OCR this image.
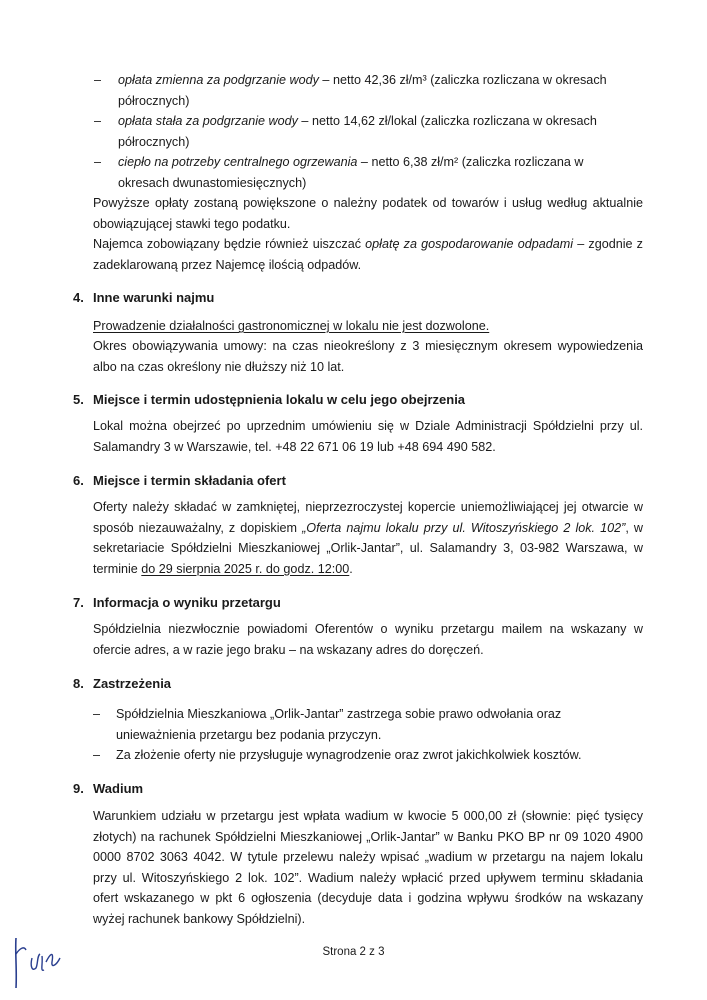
– opłata zmienna za podgrzanie wody – netto 42,36 zł/m³ (zaliczka rozliczana w okresach
półrocznych)
– opłata stała za podgrzanie wody – netto 14,62 zł/lokal (zaliczka rozliczana w okresach
półrocznych)
– ciepło na potrzeby centralnego ogrzewania – netto 6,38 zł/m² (zaliczka rozliczana w
okresach dwunastomiesięcznych)
Powyższe opłaty zostaną powiększone o należny podatek od towarów i usług według aktualnie obowiązującej stawki tego podatku.
Najemca zobowiązany będzie również uiszczać opłatę za gospodarowanie odpadami – zgodnie z zadeklarowaną przez Najemcę ilością odpadów.
4. Inne warunki najmu
Prowadzenie działalności gastronomicznej w lokalu nie jest dozwolone.
Okres obowiązywania umowy: na czas nieokreślony z 3 miesięcznym okresem wypowiedzenia albo na czas określony nie dłuższy niż 10 lat.
5. Miejsce i termin udostępnienia lokalu w celu jego obejrzenia
Lokal można obejrzeć po uprzednim umówieniu się w Dziale Administracji Spółdzielni przy ul. Salamandry 3 w Warszawie, tel. +48 22 671 06 19 lub +48 694 490 582.
6. Miejsce i termin składania ofert
Oferty należy składać w zamkniętej, nieprzezroczystej kopercie uniemożliwiającej jej otwarcie w sposób niezauważalny, z dopiskiem „Oferta najmu lokalu przy ul. Witoszyńskiego 2 lok. 102”, w sekretariacie Spółdzielni Mieszkaniowej „Orlik-Jantar”, ul. Salamandry 3, 03-982 Warszawa, w terminie do 29 sierpnia 2025 r. do godz. 12:00.
7. Informacja o wyniku przetargu
Spółdzielnia niezwłocznie powiadomi Oferentów o wyniku przetargu mailem na wskazany w ofercie adres, a w razie jego braku – na wskazany adres do doręczeń.
8. Zastrzeżenia
– Spółdzielnia Mieszkaniowa „Orlik-Jantar” zastrzega sobie prawo odwołania oraz
unieważnienia przetargu bez podania przyczyn.
– Za złożenie oferty nie przysługuje wynagrodzenie oraz zwrot jakichkolwiek kosztów.
9. Wadium
Warunkiem udziału w przetargu jest wpłata wadium w kwocie 5 000,00 zł (słownie: pięć tysięcy złotych) na rachunek Spółdzielni Mieszkaniowej „Orlik-Jantar” w Banku PKO BP nr 09 1020 4900 0000 8702 3063 4042. W tytule przelewu należy wpisać „wadium w przetargu na najem lokalu przy ul. Witoszyńskiego 2 lok. 102”. Wadium należy wpłacić przed upływem terminu składania ofert wskazanego w pkt 6 ogłoszenia (decyduje data i godzina wpływu środków na wskazany wyżej rachunek bankowy Spółdzielni).
Strona 2 z 3
